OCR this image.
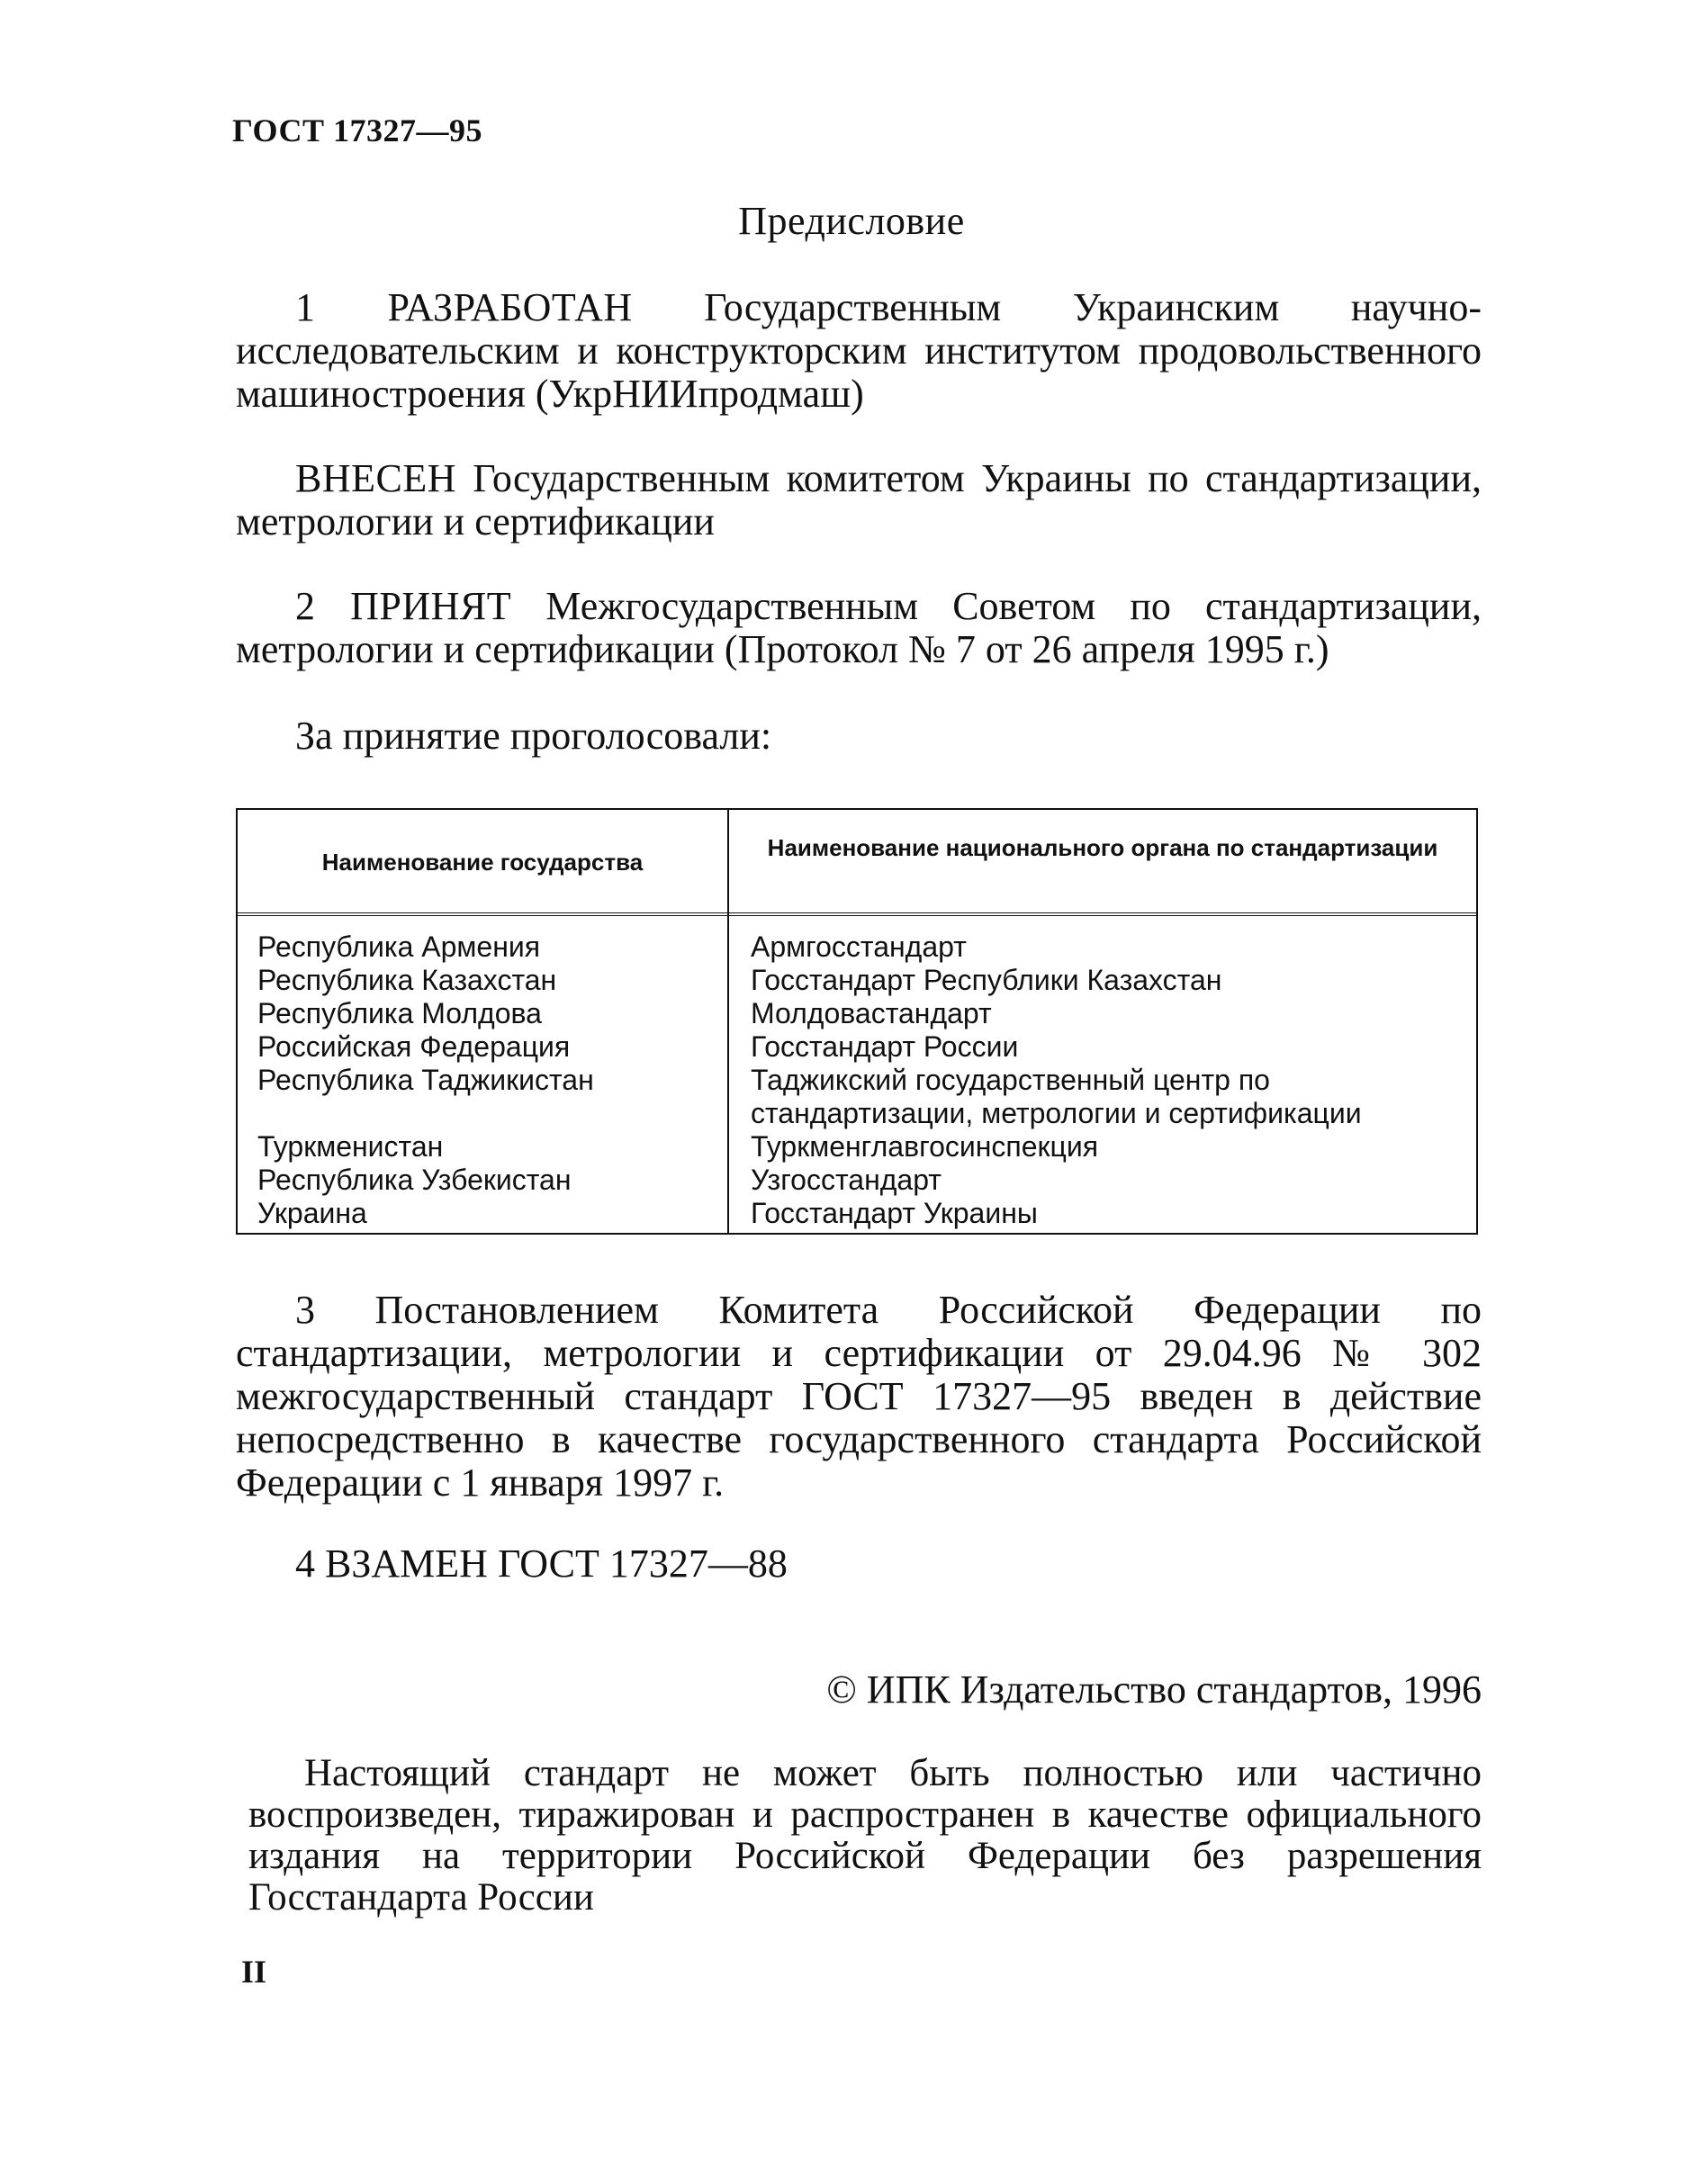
ГОСТ 17327—95
Предисловие
1 РАЗРАБОТАН Государственным Украинским научно-исследовательским и конструкторским институтом продовольственного машиностроения (УкрНИИпродмаш)
ВНЕСЕН Государственным комитетом Украины по стандартизации, метрологии и сертификации
2 ПРИНЯТ Межгосударственным Советом по стандартизации, метрологии и сертификации (Протокол № 7 от 26 апреля 1995 г.)
За принятие проголосовали:
Наименование государства
Наименование национального органа по стандартизации
Республика Армения
Республика Казахстан
Республика Молдова
Российская Федерация
Республика Таджикистан
Туркменистан
Республика Узбекистан
Украина
Армгосстандарт
Госстандарт Республики Казахстан
Молдовастандарт
Госстандарт России
Таджикский государственный центр по стандартизации, метрологии и сертификации
Туркменглавгосинспекция
Узгосстандарт
Госстандарт Украины
3 Постановлением Комитета Российской Федерации по стандартизации, метрологии и сертификации от 29.04.96 № 302 межгосударственный стандарт ГОСТ 17327—95 введен в действие непосредственно в качестве государственного стандарта Российской Федерации с 1 января 1997 г.
4 ВЗАМЕН ГОСТ 17327—88
© ИПК Издательство стандартов, 1996
Настоящий стандарт не может быть полностью или частично воспроизведен, тиражирован и распространен в качестве официального издания на территории Российской Федерации без разрешения Госстандарта России
II
